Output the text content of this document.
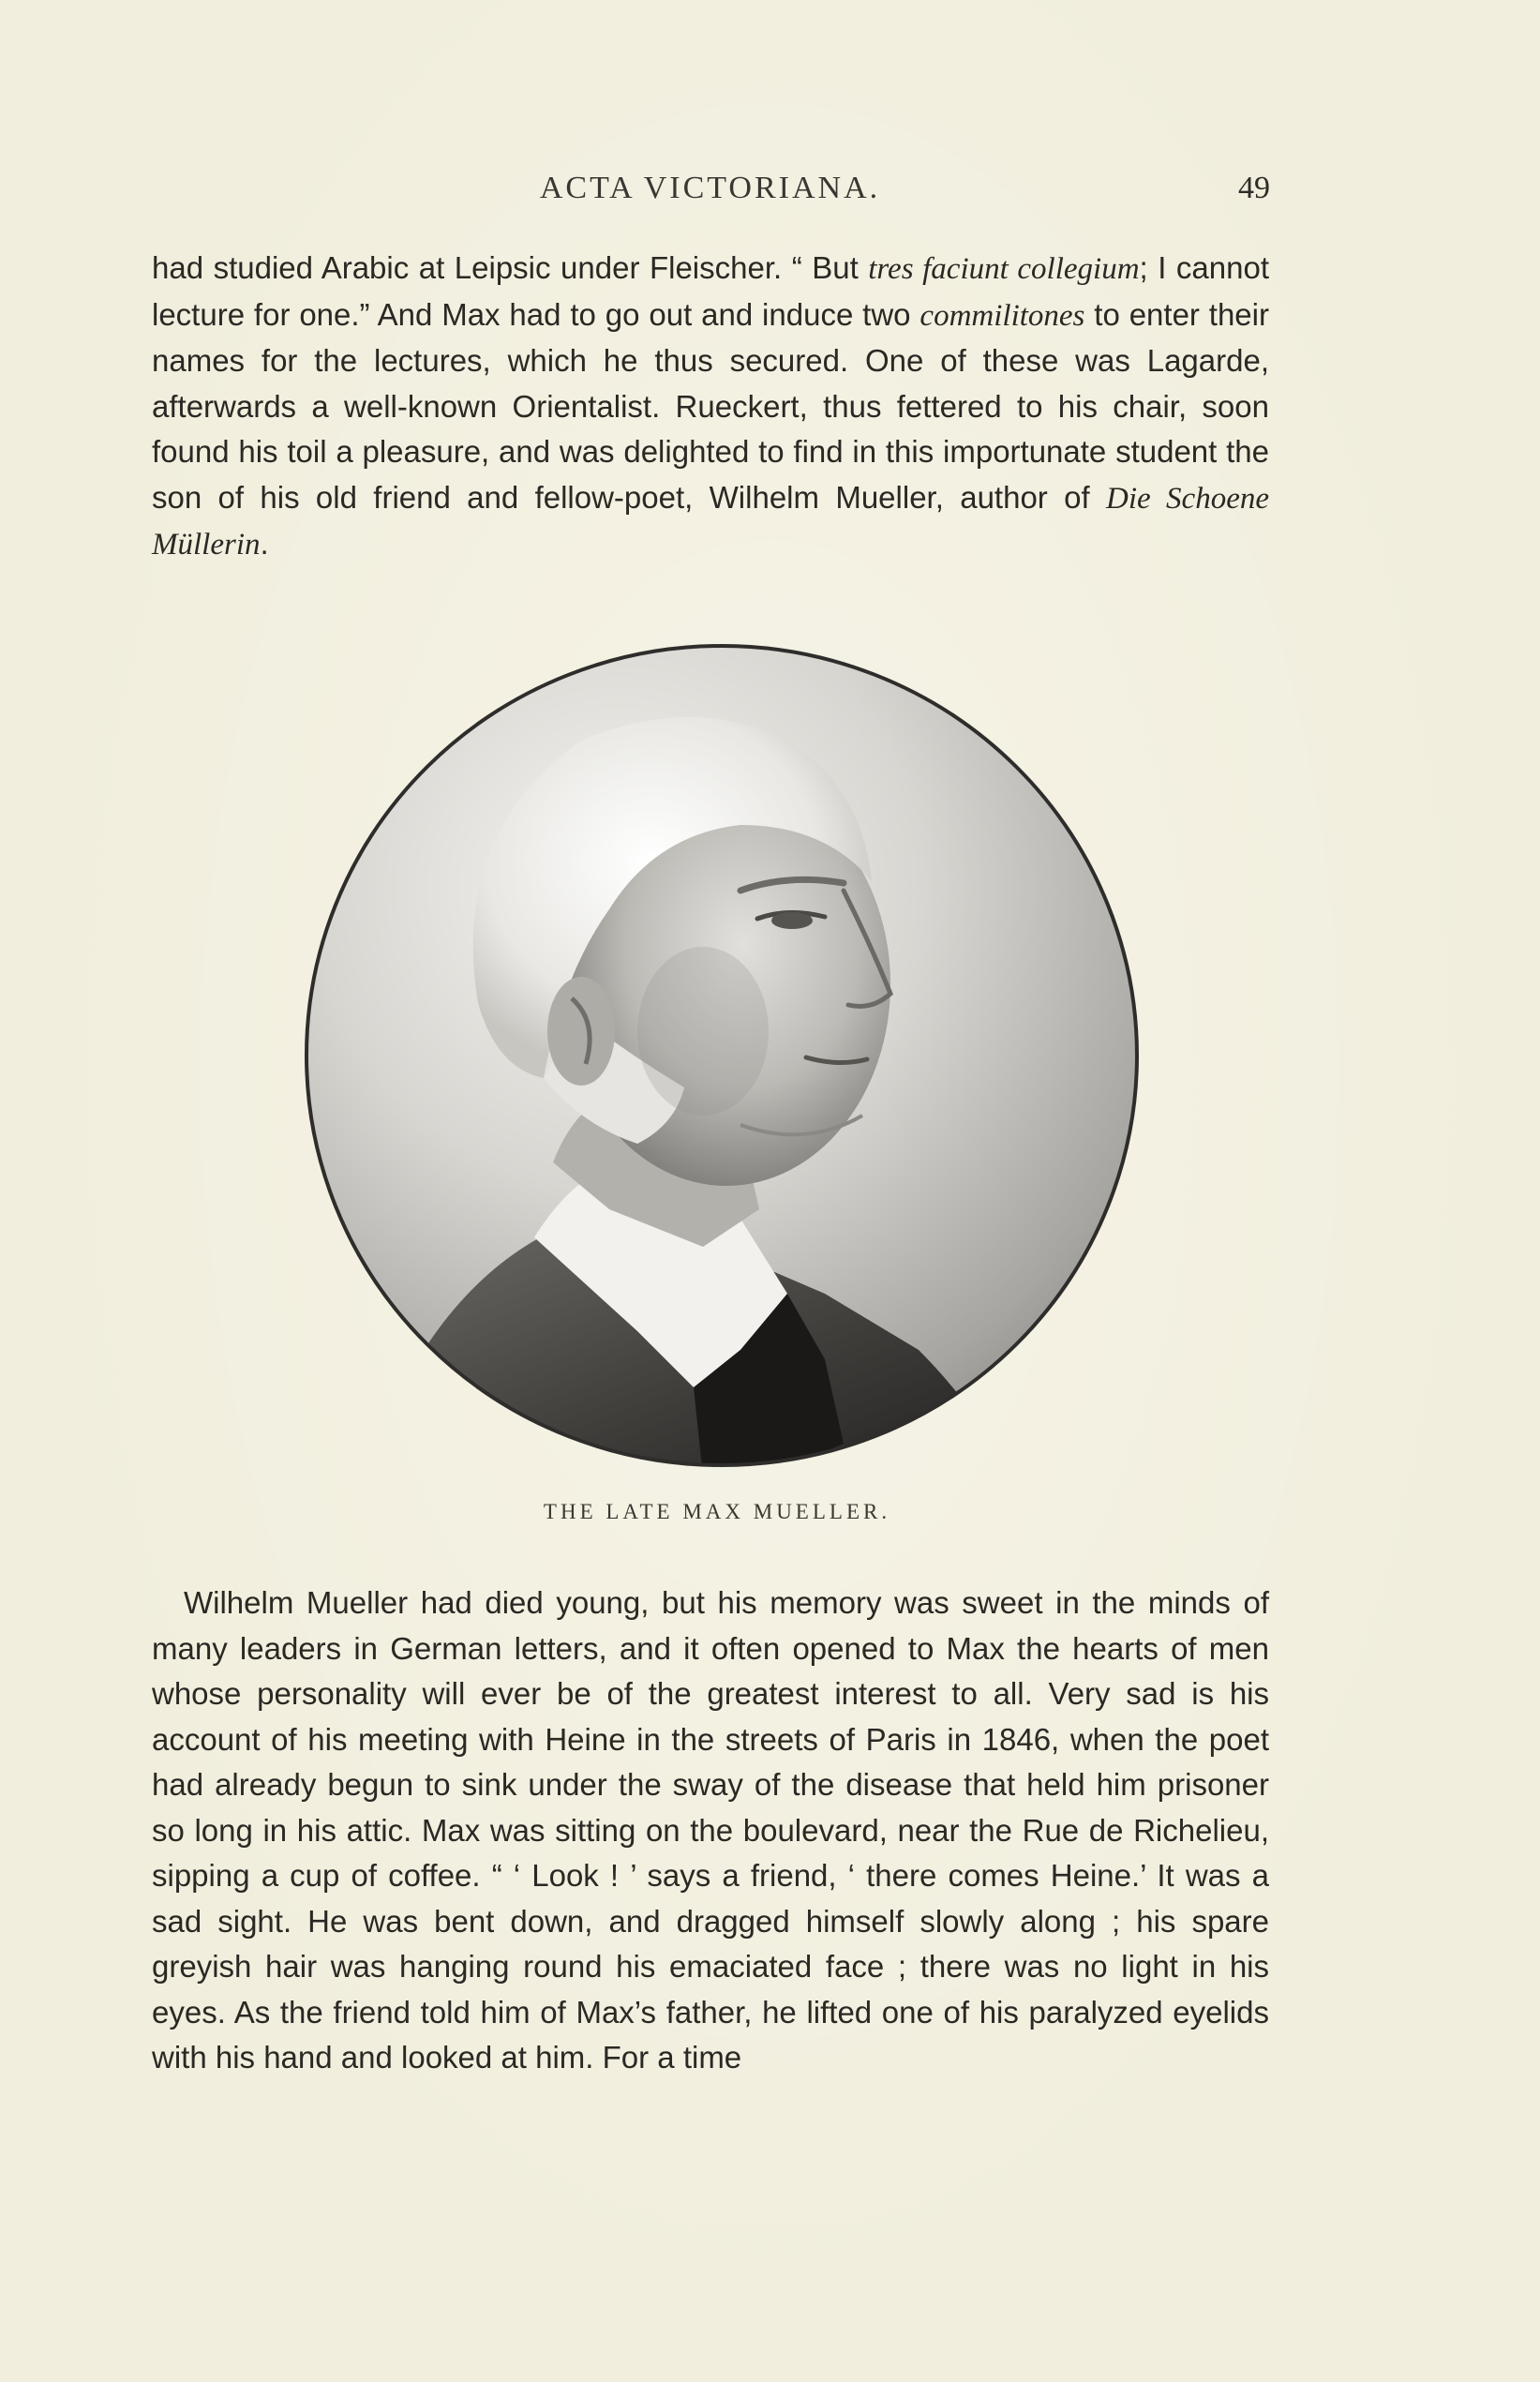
ACTA VICTORIANA.	49

had studied Arabic at Leipsic under Fleischer. “ But tres faciunt collegium; I cannot lecture for one.” And Max had to go out and induce two commilitones to enter their names for the lectures, which he thus secured. One of these was Lagarde, afterwards a well-known Orientalist. Rueckert, thus fettered to his chair, soon found his toil a pleasure, and was delighted to find in this importunate student the son of his old friend and fellow-poet, Wilhelm Mueller, author of Die Schoene Müllerin.

THE LATE MAX MUELLER.

Wilhelm Mueller had died young, but his memory was sweet in the minds of many leaders in German letters, and it often opened to Max the hearts of men whose personality will ever be of the greatest interest to all. Very sad is his account of his meeting with Heine in the streets of Paris in 1846, when the poet had already begun to sink under the sway of the disease that held him prisoner so long in his attic. Max was sitting on the boulevard, near the Rue de Richelieu, sipping a cup of coffee. “ ‘ Look ! ’ says a friend, ‘ there comes Heine.’ It was a sad sight. He was bent down, and dragged himself slowly along ; his spare greyish hair was hanging round his emaciated face ; there was no light in his eyes. As the friend told him of Max’s father, he lifted one of his paralyzed eyelids with his hand and looked at him. For a time
